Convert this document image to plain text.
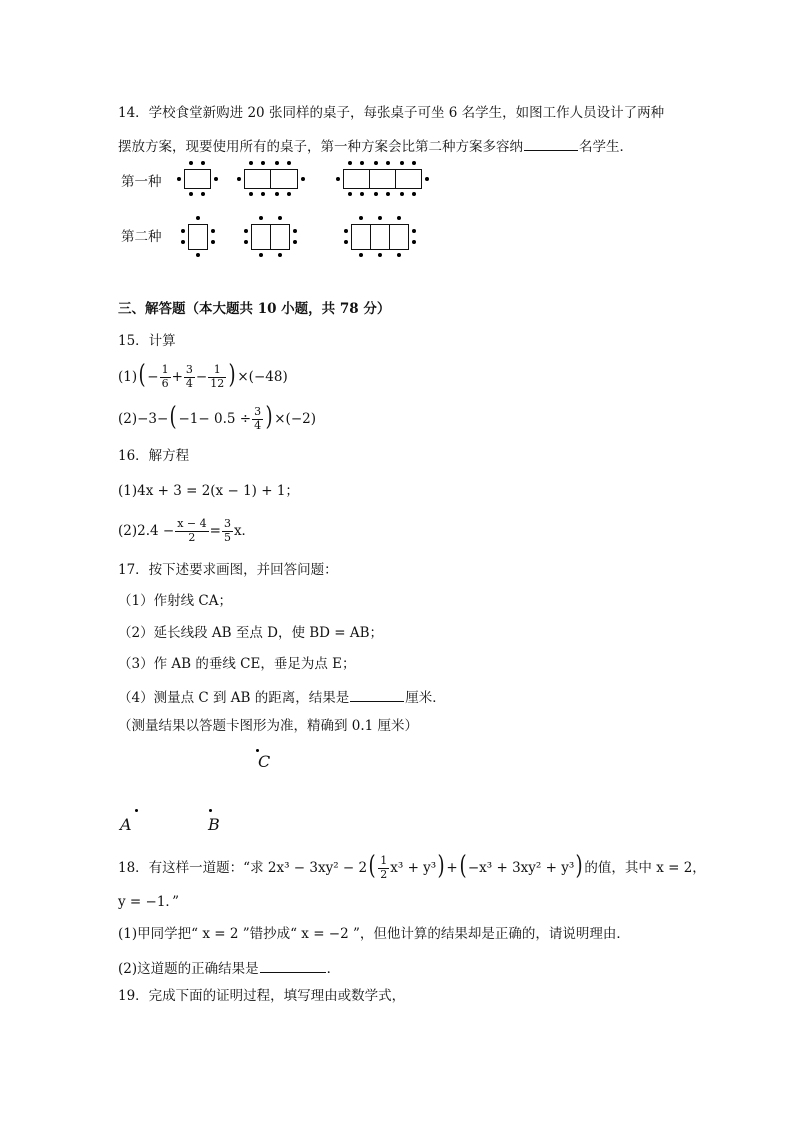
14．学校食堂新购进 20 张同样的桌子，每张桌子可坐 6 名学生，如图工作人员设计了两种
摆放方案，现要使用所有的桌子，第一种方案会比第二种方案多容纳	名学生．
第一种
第二种
三、解答题（本大题共 10 小题，共 78 分）
15．计算
(1) ( − $\frac{1}{6} + \frac{3}{4} - \frac{1}{12}$ ) ×(−48)
(2) −3− ( $-1- 0.5 \div \frac{3}{4}$ ) ×(−2)
16．解方程
(1)4x + 3 = 2(x − 1) + 1；
(2) $2.4 - \frac{x - 4}{2} = \frac{3}{5}$ x．
17．按下述要求画图，并回答问题：
（1）作射线 CA；
（2）延长线段 AB 至点 D，使 BD = AB；
（3）作 AB 的垂线 CE，垂足为点 E；
（4）测量点 C 到 AB 的距离，结果是	厘米．
（测量结果以答题卡图形为准，精确到 0.1 厘米）
C
A	B
18．有这样一道题：“求 2x³ − 3xy² − 2 ( $\frac{1}{2} x^3 + y^3$ ) + ( −x³ + 3xy² + y³ ) 的值，其中 x = 2，
y = −1．”
(1)甲同学把“ x = 2 ”错抄成“ x = −2 ”，但他计算的结果却是正确的，请说明理由．
(2)这道题的正确结果是	．
19．完成下面的证明过程，填写理由或数学式，
